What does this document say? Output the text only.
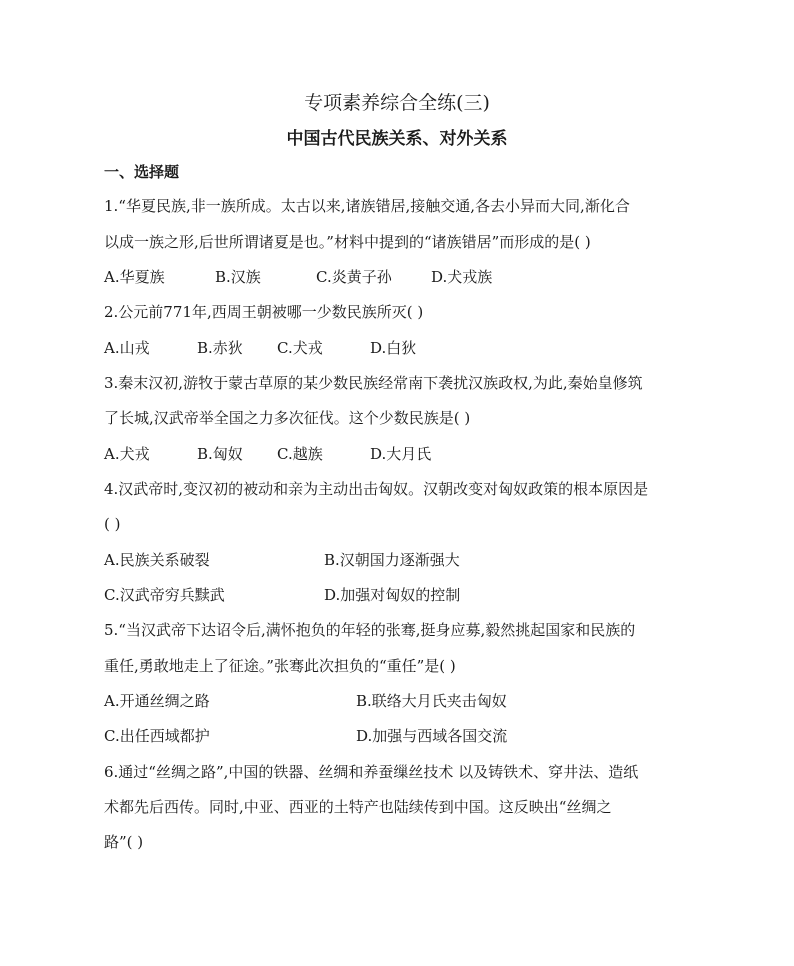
专项素养综合全练(三)
中国古代民族关系、对外关系
一、选择题
1.“华夏民族,非一族所成。太古以来,诸族错居,接触交通,各去小异而大同,渐化合
以成一族之形,后世所谓诸夏是也。”材料中提到的“诸族错居”而形成的是( )
A.华夏族	B.汉族	C.炎黄子孙	D.犬戎族
2.公元前771年,西周王朝被哪一少数民族所灭( )
A.山戎	B.赤狄 C.犬戎	D.白狄
3.秦末汉初,游牧于蒙古草原的某少数民族经常南下袭扰汉族政权,为此,秦始皇修筑
了长城,汉武帝举全国之力多次征伐。这个少数民族是( )
A.犬戎	B.匈奴 C.越族	D.大月氏
4.汉武帝时,变汉初的被动和亲为主动出击匈奴。汉朝改变对匈奴政策的根本原因是
( )
A.民族关系破裂	B.汉朝国力逐渐强大
C.汉武帝穷兵黩武	D.加强对匈奴的控制
5.“当汉武帝下达诏令后,满怀抱负的年轻的张骞,挺身应募,毅然挑起国家和民族的
重任,勇敢地走上了征途。”张骞此次担负的“重任”是( )
A.开通丝绸之路	B.联络大月氏夹击匈奴
C.出任西域都护	D.加强与西域各国交流
6.通过“丝绸之路”,中国的铁器、丝绸和养蚕缫丝技术 以及铸铁术、穿井法、造纸
术都先后西传。同时,中亚、西亚的土特产也陆续传到中国。这反映出“丝绸之
路”( )
